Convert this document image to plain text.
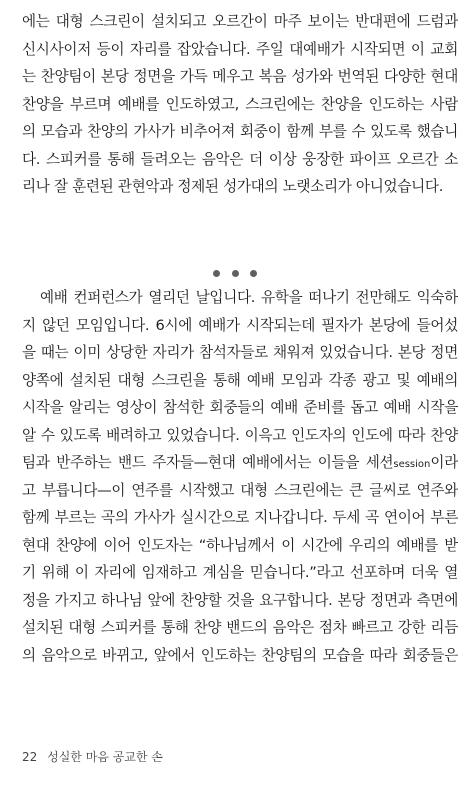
에는 대형 스크린이 설치되고 오르간이 마주 보이는 반대편에 드럼과
신시사이저 등이 자리를 잡았습니다. 주일 대예배가 시작되면 이 교회
는 찬양팀이 본당 정면을 가득 메우고 복음 성가와 번역된 다양한 현대
찬양을 부르며 예배를 인도하였고, 스크린에는 찬양을 인도하는 사람
의 모습과 찬양의 가사가 비추어져 회중이 함께 부를 수 있도록 했습니
다. 스피커를 통해 들려오는 음악은 더 이상 웅장한 파이프 오르간 소
리나 잘 훈련된 관현악과 정제된 성가대의 노랫소리가 아니었습니다.

예배 컨퍼런스가 열리던 날입니다. 유학을 떠나기 전만해도 익숙하
지 않던 모임입니다. 6시에 예배가 시작되는데 필자가 본당에 들어섰
을 때는 이미 상당한 자리가 참석자들로 채워져 있었습니다. 본당 정면
양쪽에 설치된 대형 스크린을 통해 예배 모임과 각종 광고 및 예배의
시작을 알리는 영상이 참석한 회중들의 예배 준비를 돕고 예배 시작을
알 수 있도록 배려하고 있었습니다. 이윽고 인도자의 인도에 따라 찬양
팀과 반주하는 밴드 주자들—현대 예배에서는 이들을 세션session이라
고 부릅니다—이 연주를 시작했고 대형 스크린에는 큰 글씨로 연주와
함께 부르는 곡의 가사가 실시간으로 지나갑니다. 두세 곡 연이어 부른
현대 찬양에 이어 인도자는 “하나님께서 이 시간에 우리의 예배를 받
기 위해 이 자리에 임재하고 계심을 믿습니다.”라고 선포하며 더욱 열
정을 가지고 하나님 앞에 찬양할 것을 요구합니다. 본당 정면과 측면에
설치된 대형 스피커를 통해 찬양 밴드의 음악은 점차 빠르고 강한 리듬
의 음악으로 바뀌고, 앞에서 인도하는 찬양팀의 모습을 따라 회중들은
22 성실한 마음 공교한 손
